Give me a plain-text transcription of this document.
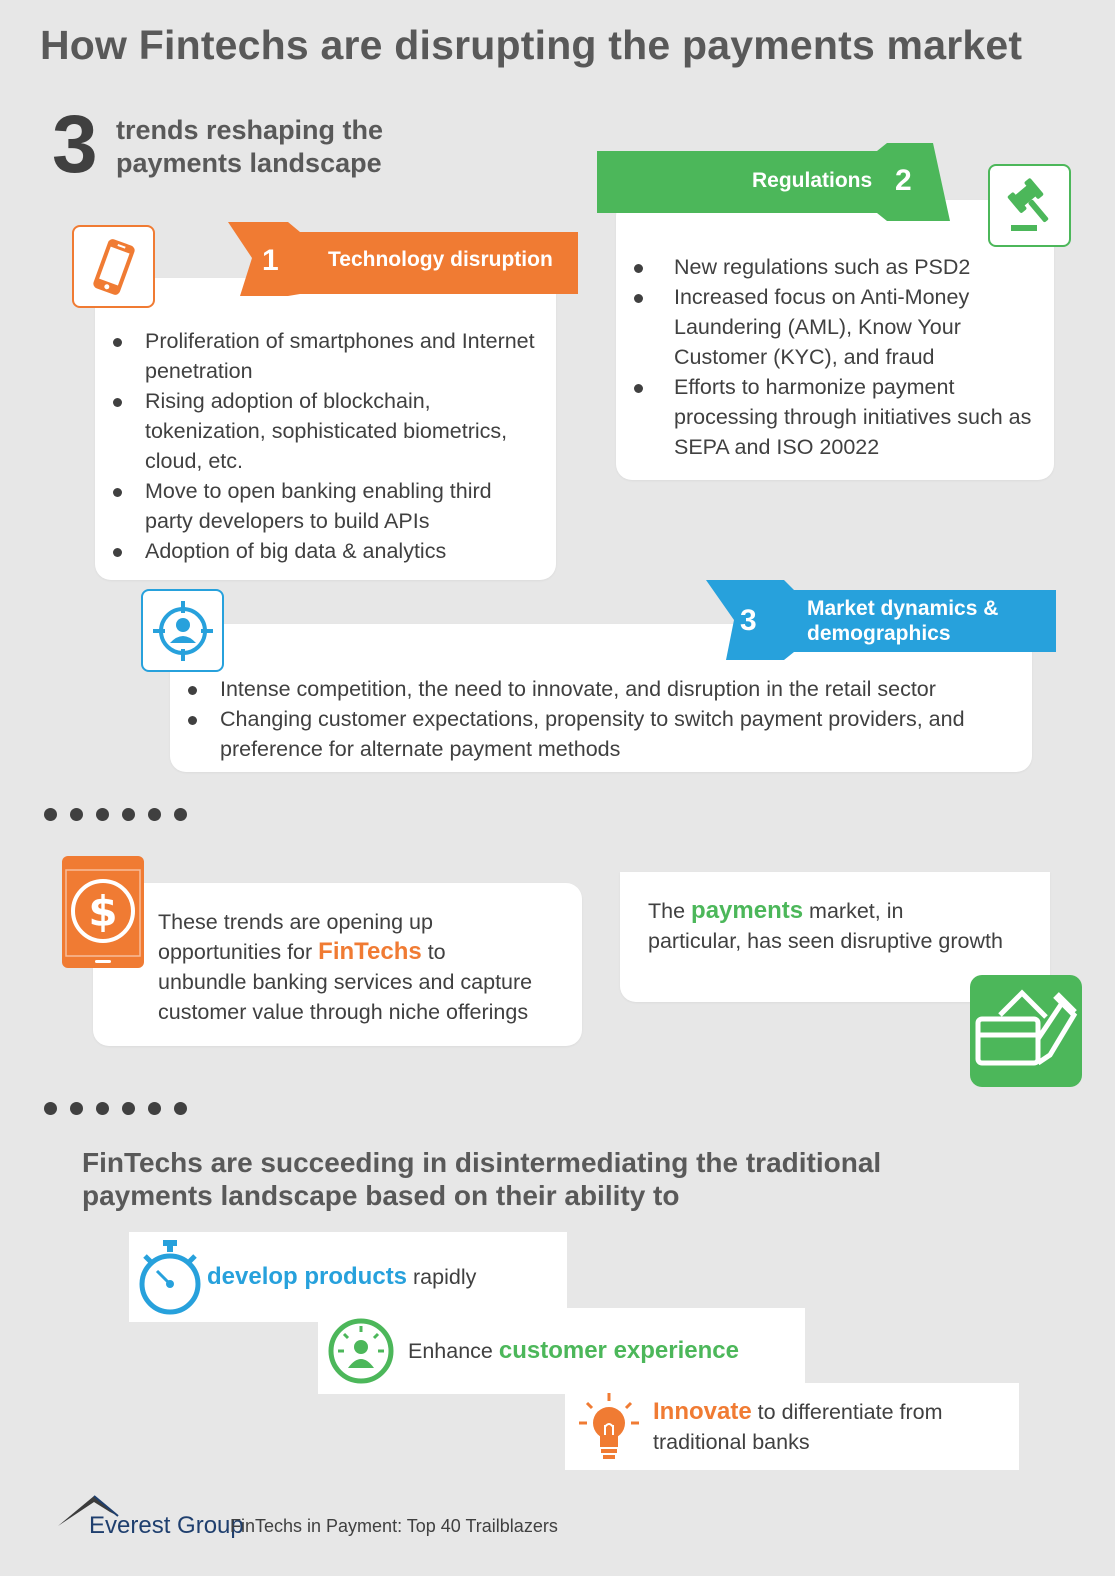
How Fintechs are disrupting the payments market
3 trends reshaping the
payments landscape
Proliferation of smartphones and Internet penetration
Rising adoption of blockchain, tokenization, sophisticated biometrics, cloud, etc.
Move to open banking enabling third party developers to build APIs
Adoption of big data & analytics
1 Technology disruption	New regulations such as PSD2
Increased focus on Anti-Money Laundering (AML), Know Your Customer (KYC), and fraud
Efforts to harmonize payment processing through initiatives such as SEPA and ISO 20022
Regulations 2
Intense competition, the need to innovate, and disruption in the retail sector
Changing customer expectations, propensity to switch payment providers, and preference for alternate payment methods
3 Market dynamics &
demographics
These trends are opening up
opportunities for FinTechs to
unbundle banking services and capture
customer value through niche offerings
$	The payments market, in
particular, has seen disruptive growth
FinTechs are succeeding in disintermediating the traditional
payments landscape based on their ability to
develop products rapidly
Enhance customer experience
Innovate to differentiate from
traditional banks
Everest Group
FinTechs in Payment: Top 40 Trailblazers
